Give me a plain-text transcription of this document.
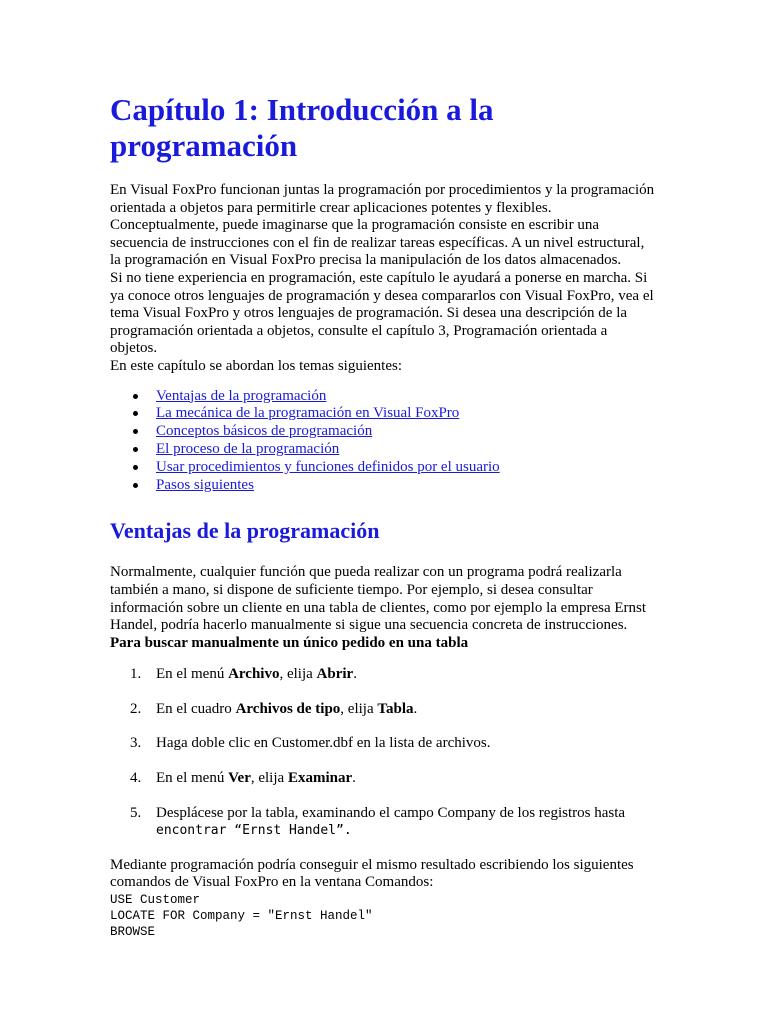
Capítulo 1: Introducción a la programación

En Visual FoxPro funcionan juntas la programación por procedimientos y la programación orientada a objetos para permitirle crear aplicaciones potentes y flexibles. Conceptualmente, puede imaginarse que la programación consiste en escribir una secuencia de instrucciones con el fin de realizar tareas específicas. A un nivel estructural, la programación en Visual FoxPro precisa la manipulación de los datos almacenados.

Si no tiene experiencia en programación, este capítulo le ayudará a ponerse en marcha. Si ya conoce otros lenguajes de programación y desea compararlos con Visual FoxPro, vea el tema Visual FoxPro y otros lenguajes de programación. Si desea una descripción de la programación orientada a objetos, consulte el capítulo 3, Programación orientada a objetos.

En este capítulo se abordan los temas siguientes:

Ventajas de la programación
La mecánica de la programación en Visual FoxPro
Conceptos básicos de programación
El proceso de la programación
Usar procedimientos y funciones definidos por el usuario
Pasos siguientes
Ventajas de la programación

Normalmente, cualquier función que pueda realizar con un programa podrá realizarla también a mano, si dispone de suficiente tiempo. Por ejemplo, si desea consultar información sobre un cliente en una tabla de clientes, como por ejemplo la empresa Ernst Handel, podría hacerlo manualmente si sigue una secuencia concreta de instrucciones.

Para buscar manualmente un único pedido en una tabla

1. En el menú Archivo, elija Abrir.
2. En el cuadro Archivos de tipo, elija Tabla.
3. Haga doble clic en Customer.dbf en la lista de archivos.
4. En el menú Ver, elija Examinar.
5. Desplácese por la tabla, examinando el campo Company de los registros hasta
encontrar “Ernst Handel”.

Mediante programación podría conseguir el mismo resultado escribiendo los siguientes comandos de Visual FoxPro en la ventana Comandos:

USE Customer
LOCATE FOR Company = "Ernst Handel"
BROWSE
